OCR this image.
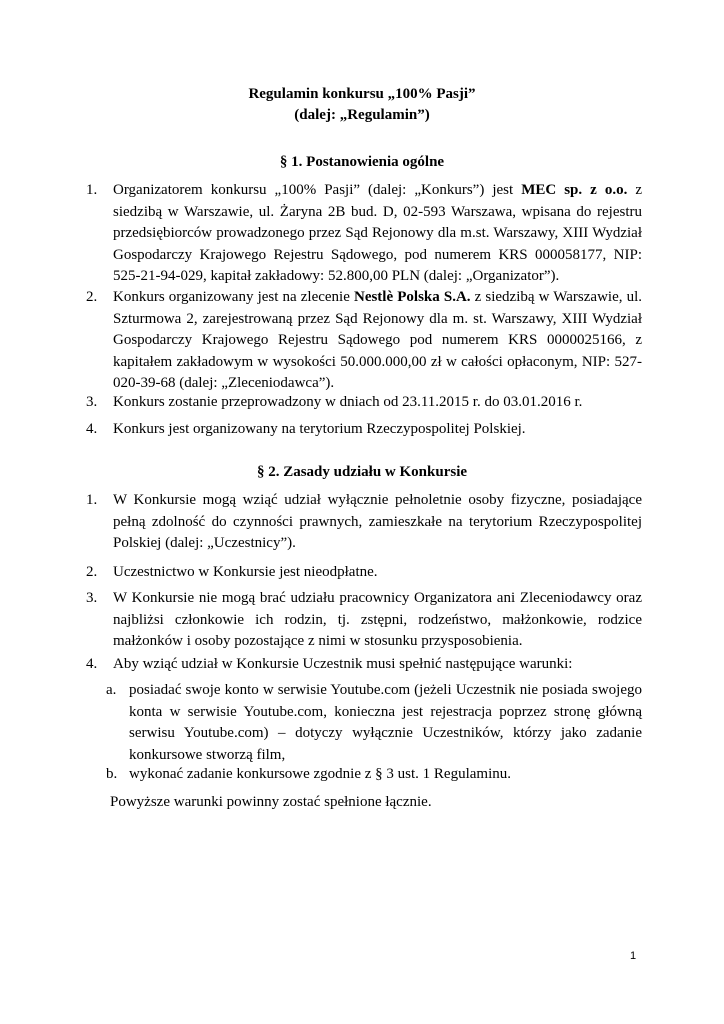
Regulamin konkursu „100% Pasji”
(dalej: „Regulamin”)
§ 1. Postanowienia ogólne
1. Organizatorem konkursu „100% Pasji” (dalej: „Konkurs”) jest MEC sp. z o.o. z siedzibą w Warszawie, ul. Żaryna 2B bud. D, 02-593 Warszawa, wpisana do rejestru przedsiębiorców prowadzonego przez Sąd Rejonowy dla m.st. Warszawy, XIII Wydział Gospodarczy Krajowego Rejestru Sądowego, pod numerem KRS 000058177, NIP: 525-21-94-029, kapitał zakładowy: 52.800,00 PLN (dalej: „Organizator”).
2. Konkurs organizowany jest na zlecenie Nestlè Polska S.A. z siedzibą w Warszawie, ul. Szturmowa 2, zarejestrowaną przez Sąd Rejonowy dla m. st. Warszawy, XIII Wydział Gospodarczy Krajowego Rejestru Sądowego pod numerem KRS 0000025166, z kapitałem zakładowym w wysokości 50.000.000,00 zł w całości opłaconym, NIP: 527-020-39-68 (dalej: „Zleceniodawca”).
3. Konkurs zostanie przeprowadzony w dniach od 23.11.2015 r. do 03.01.2016 r.
4. Konkurs jest organizowany na terytorium Rzeczypospolitej Polskiej.
§ 2. Zasady udziału w Konkursie
1. W Konkursie mogą wziąć udział wyłącznie pełnoletnie osoby fizyczne, posiadające pełną zdolność do czynności prawnych, zamieszkałe na terytorium Rzeczypospolitej Polskiej (dalej: „Uczestnicy”).
2. Uczestnictwo w Konkursie jest nieodpłatne.
3. W Konkursie nie mogą brać udziału pracownicy Organizatora ani Zleceniodawcy oraz najbliżsi członkowie ich rodzin, tj. zstępni, rodzeństwo, małżonkowie, rodzice małżonków i osoby pozostające z nimi w stosunku przysposobienia.
4. Aby wziąć udział w Konkursie Uczestnik musi spełnić następujące warunki:
a. posiadać swoje konto w serwisie Youtube.com (jeżeli Uczestnik nie posiada swojego konta w serwisie Youtube.com, konieczna jest rejestracja poprzez stronę główną serwisu Youtube.com) – dotyczy wyłącznie Uczestników, którzy jako zadanie konkursowe stworzą film,
b. wykonać zadanie konkursowe zgodnie z § 3 ust. 1 Regulaminu.
Powyższe warunki powinny zostać spełnione łącznie.
1
